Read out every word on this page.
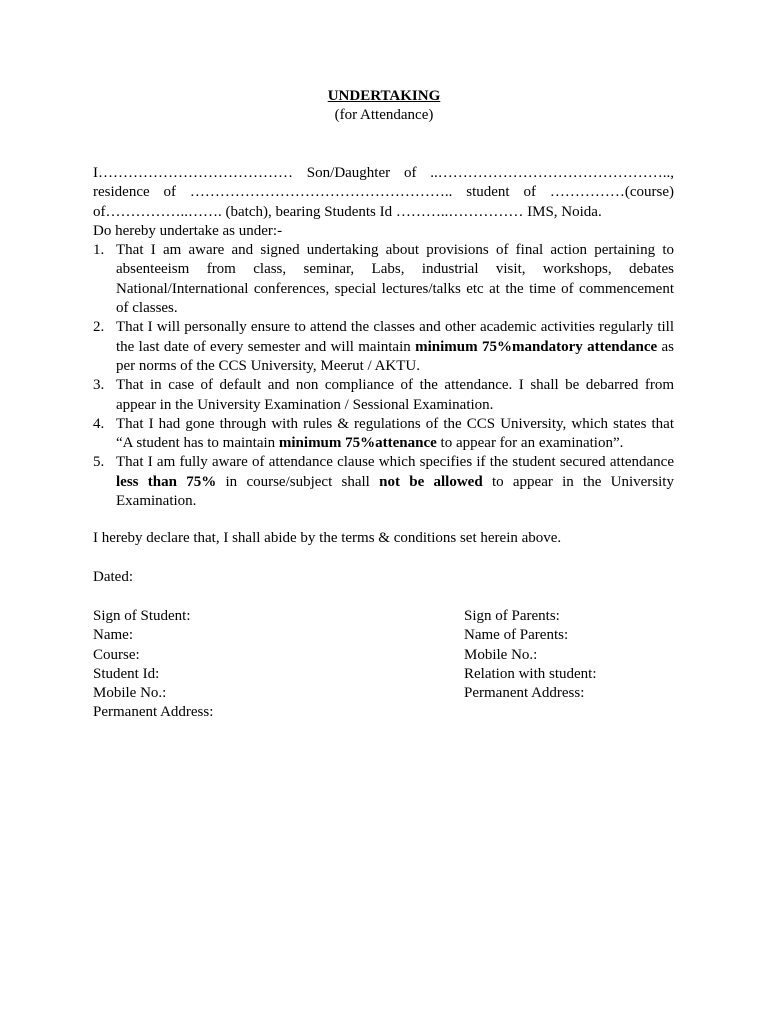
UNDERTAKING
(for Attendance)

I………………………………… Son/Daughter of ..………………………………………..,

residence of …………………………………………….. student of ……………(course)

of……………..……. (batch), bearing Students Id ………..…………… IMS, Noida.

Do hereby undertake as under:-

1. That I am aware and signed undertaking about provisions of final action pertaining to absenteeism from class, seminar, Labs, industrial visit, workshops, debates National/International conferences, special lectures/talks etc at the time of commencement of classes.
2. That I will personally ensure to attend the classes and other academic activities regularly till the last date of every semester and will maintain minimum 75%mandatory attendance as per norms of the CCS University, Meerut / AKTU.
3. That in case of default and non compliance of the attendance. I shall be debarred from appear in the University Examination / Sessional Examination.
4. That I had gone through with rules & regulations of the CCS University, which states that “A student has to maintain minimum 75%attenance to appear for an examination”.
5. That I am fully aware of attendance clause which specifies if the student secured attendance less than 75% in course/subject shall not be allowed to appear in the University Examination.
I hereby declare that, I shall abide by the terms & conditions set herein above.
Dated:
Sign of Student:
Name:
Course:
Student Id:
Mobile No.:
Permanent Address:
Sign of Parents:
Name of Parents:
Mobile No.:
Relation with student:
Permanent Address:
